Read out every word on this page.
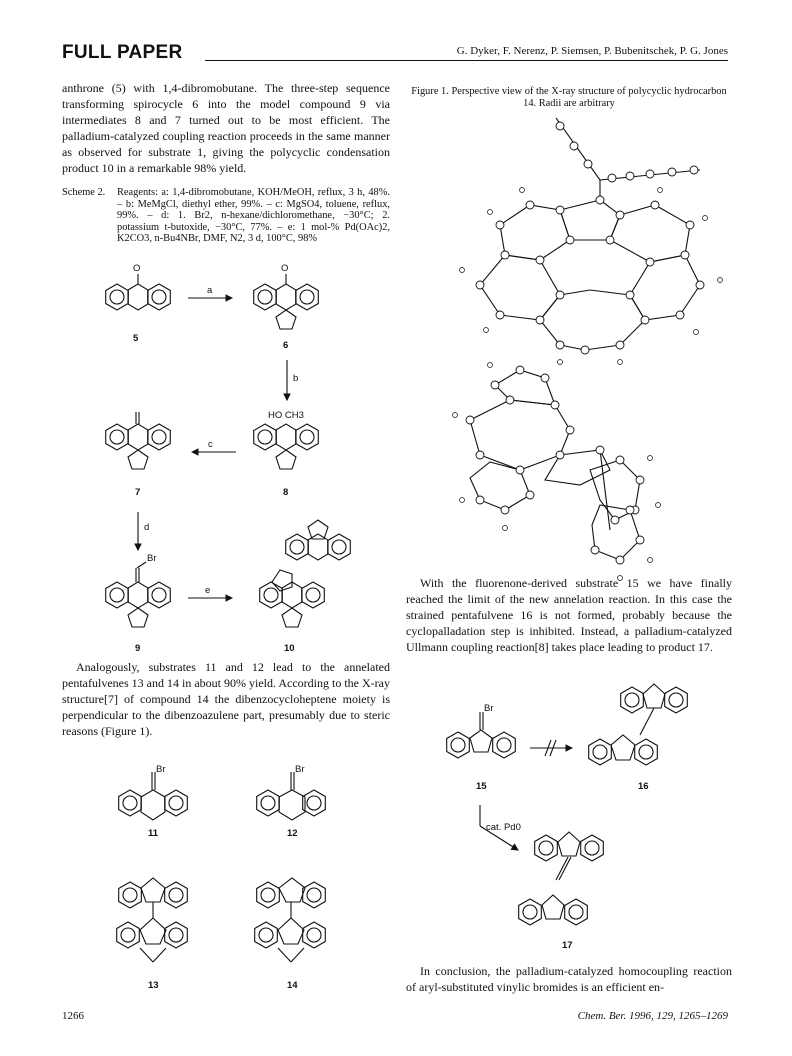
FULL PAPER	G. Dyker, F. Nerenz, P. Siemsen, P. Bubenitschek, P. G. Jones

anthrone (5) with 1,4-dibromobutane. The three-step sequence transforming spirocycle 6 into the model compound 9 via intermediates 8 and 7 turned out to be most efficient. The palladium-catalyzed coupling reaction proceeds in the same manner as observed for substrate 1, giving the polycyclic condensation product 10 in a remarkable 98% yield.

Scheme 2.	Reagents: a: 1,4-dibromobutane, KOH/MeOH, reflux, 3 h, 48%. – b: MeMgCl, diethyl ether, 99%. – c: MgSO4, toluene, reflux, 99%. – d: 1. Br2, n-hexane/dichloromethane, −30°C; 2. potassium t-butoxide, −30°C, 77%. – e: 1 mol-% Pd(OAc)2, K2CO3, n-Bu4NBr, DMF, N2, 3 d, 100°C, 98%
O	O
a
b
HO CH3
c
d
Br
e
Br	Br
Br
cat. Pd0
5
6
7	8
9	10
11	12
13	14
15	16
17

Analogously, substrates 11 and 12 lead to the annelated pentafulvenes 13 and 14 in about 90% yield. According to the X-ray structure[7] of compound 14 the dibenzocycloheptene moiety is perpendicular to the dibenzoazulene part, presumably due to steric reasons (Figure 1).

Figure 1. Perspective view of the X-ray structure of polycyclic hydrocarbon 14. Radii are arbitrary

With the fluorenone-derived substrate 15 we have finally reached the limit of the new annelation reaction. In this case the strained pentafulvene 16 is not formed, probably because the cyclopalladation step is inhibited. Instead, a palladium-catalyzed Ullmann coupling reaction[8] takes place leading to product 17.

In conclusion, the palladium-catalyzed homocoupling reaction of aryl-substituted vinylic bromides is an efficient en-

1266	Chem. Ber. 1996, 129, 1265–1269
